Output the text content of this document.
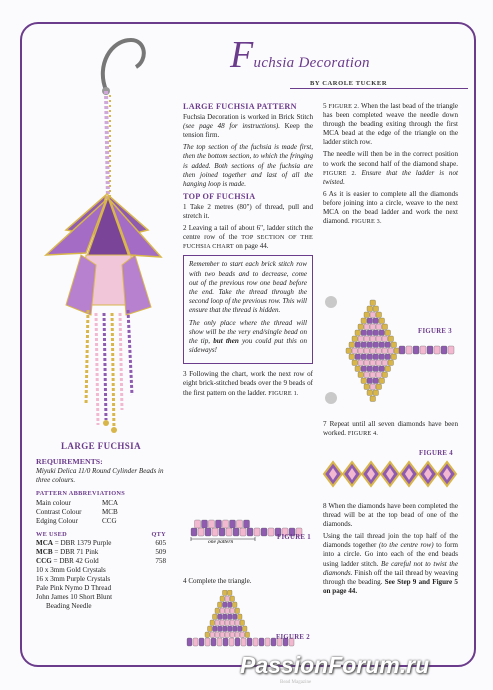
Fuchsia Decoration
BY CAROLE TUCKER
LARGE FUCHSIA PATTERN

Fuchsia Decoration is worked in Brick Stitch (see page 48 for instructions). Keep the tension firm.

The top section of the fuchsia is made first, then the bottom section, to which the fringing is added. Both sections of the fuchsia are then joined together and last of all the hanging loop is made.

TOP OF FUCHSIA

1 Take 2 metres (80") of thread, pull and stretch it.

2 Leaving a tail of about 6", ladder stitch the centre row of the TOP SECTION OF THE FUCHSIA CHART on page 44.

Remember to start each brick stitch row with two beads and to decrease, come out of the previous row one bead before the end. Take the thread through the second loop of the previous row. This will ensure that the thread is hidden.

The only place where the thread will show will be the very end/single bead on the tip, but then you could put this on sideways!

3 Following the chart, work the next row of eight brick-stitched beads over the 9 beads of the first pattern on the ladder. FIGURE 1.

one pattern
FIGURE 1

4 Complete the triangle.

FIGURE 2

5 FIGURE 2. When the last bead of the triangle has been completed weave the needle down through the beading exiting through the first MCA bead at the edge of the triangle on the ladder stitch row.

The needle will then be in the correct position to work the second half of the diamond shape. FIGURE 2. Ensure that the ladder is not twisted.

6 As it is easier to complete all the diamonds before joining into a circle, weave to the next MCA on the bead ladder and work the next diamond. FIGURE 3.

FIGURE 3

7 Repeat until all seven diamonds have been worked. FIGURE 4.

FIGURE 4

8 When the diamonds have been completed the thread will be at the top bead of one of the diamonds.

Using the tail thread join the top half of the diamonds together (to the centre row) to form into a circle. Go into each of the end beads using ladder stitch. Be careful not to twist the diamonds. Finish off the tail thread by weaving through the beading. See Step 9 and Figure 5 on page 44.

LARGE FUCHSIA
REQUIREMENTS:
Miyuki Delica 11/0 Round Cylinder Beads in three colours.
PATTERN ABBREVIATIONS
Main colour	MCA
Contrast Colour	MCB
Edging Colour	CCG
WE USED	QTY
MCA = DBR 1379 Purple	605
MCB = DBR 71 Pink	509
CCG = DBR 42 Gold	758
10 x 3mm Gold Crystals
16 x 3mm Purple Crystals
Pale Pink Nymo D Thread
John James 10 Short Blunt
Beading Needle
PassionForum.ru
Bead Magazine
